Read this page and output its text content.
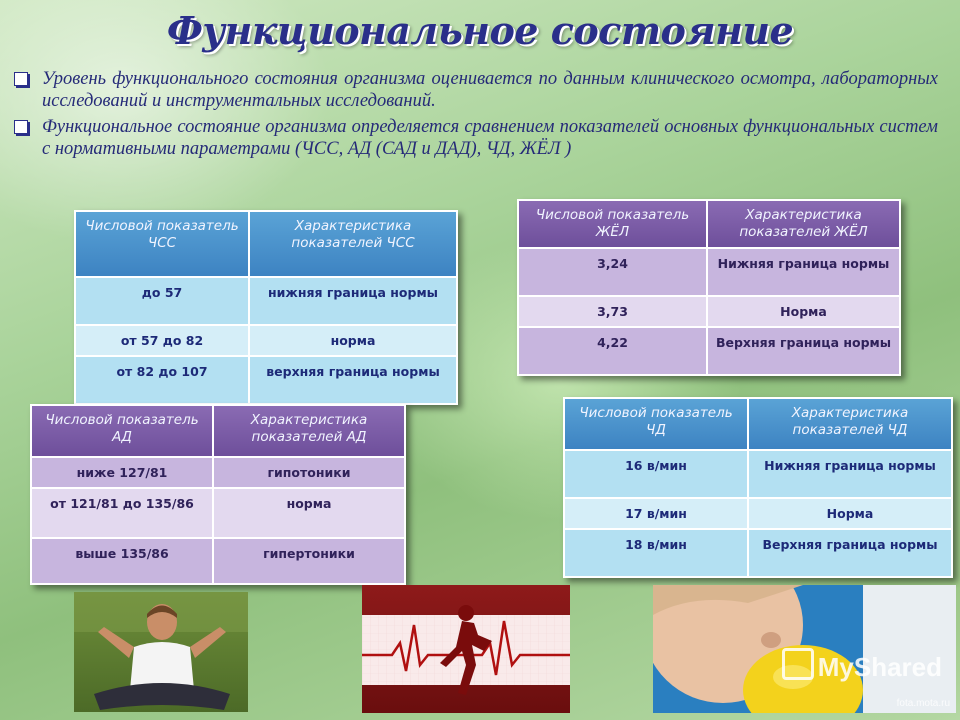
Функциональное состояние
Уровень функционального состояния организма оценивается по данным клинического осмотра, лабораторных исследований и инструментальных исследований.
Функциональное состояние организма определяется сравнением показателей основных функциональных систем с нормативными параметрами (ЧСС, АД (САД и ДАД), ЧД, ЖЁЛ )
Числовой показатель ЧСС	Характеристика показателей ЧСС
до 57	нижняя граница нормы
от 57 до 82	норма
от 82 до 107	верхняя граница нормы
Числовой показатель ЖЁЛ	Характеристика показателей ЖЁЛ
3,24	Нижняя граница нормы
3,73	Норма
4,22	Верхняя граница нормы
Числовой показатель АД	Характеристика показателей АД
ниже 127/81	гипотоники
от 121/81 до 135/86	норма
выше 135/86	гипертоники
Числовой показатель ЧД	Характеристика показателей ЧД
16 в/мин	Нижняя граница нормы
17 в/мин	Норма
18 в/мин	Верхняя граница нормы
MyShared
fota.mota.ru
